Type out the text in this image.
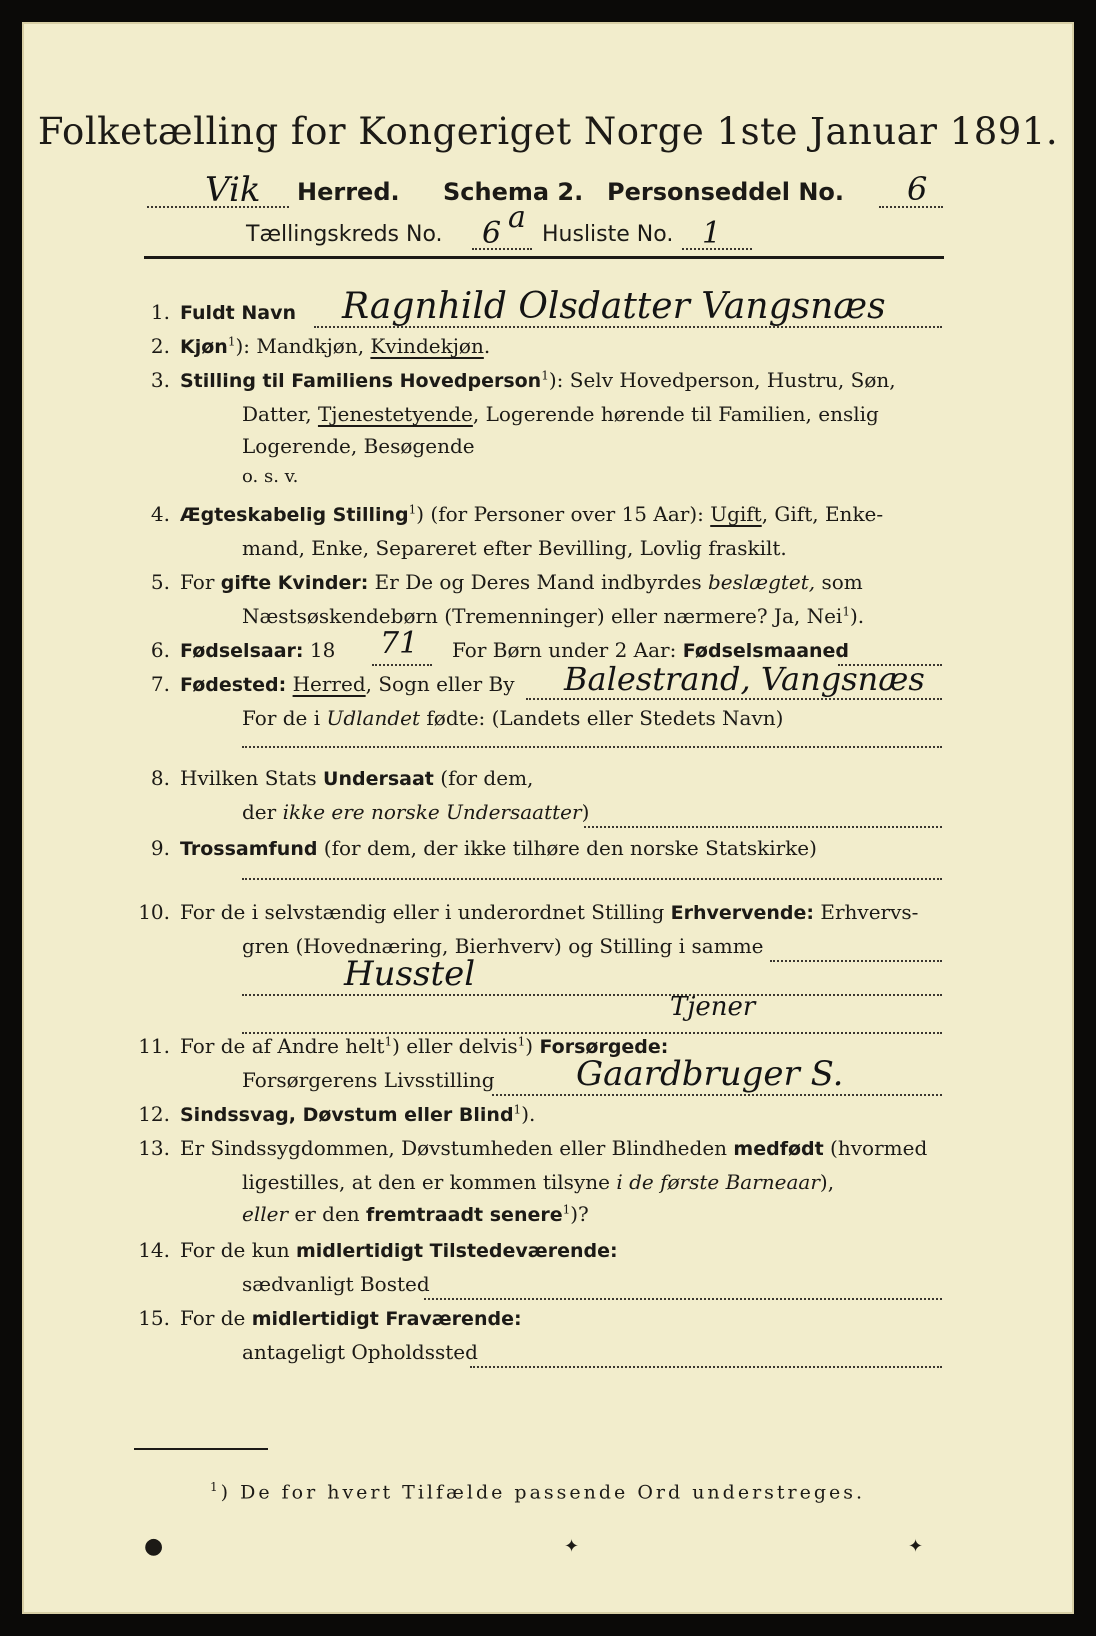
Folketælling for Kongeriget Norge 1ste Januar 1891.
Vik Herred. Schema 2. Personseddel No. 6
Tællingskreds No. 6 a Husliste No. 1
1. Fuldt Navn Ragnhild Olsdatter Vangsnæs
2. Kjøn$^1$): Mandkjøn, Kvindekjøn.
3. Stilling til Familiens Hovedperson$^1$): Selv Hovedperson, Hustru, Søn,
Datter, Tjenestetyende, Logerende hørende til Familien, enslig
Logerende, Besøgende
o. s. v.
4. Ægteskabelig Stilling$^1$) (for Personer over 15 Aar): Ugift, Gift, Enke-
mand, Enke, Separeret efter Bevilling, Lovlig fraskilt.
5. For gifte Kvinder: Er De og Deres Mand indbyrdes beslægtet, som
Næstsøskendebørn (Tremenninger) eller nærmere? Ja, Nei$^1$).
6. Fødselsaar: 18 71 For Børn under 2 Aar: Fødselsmaaned
7. Fødested: Herred, Sogn eller By Balestrand, Vangsnæs
For de i Udlandet fødte: (Landets eller Stedets Navn)
8. Hvilken Stats Undersaat (for dem,
der ikke ere norske Undersaatter)
9. Trossamfund (for dem, der ikke tilhøre den norske Statskirke)
10. For de i selvstændig eller i underordnet Stilling Erhvervende: Erhvervs-
gren (Hovednæring, Bierhverv) og Stilling i samme
Husstel
Tjener
11. For de af Andre helt$^1$) eller delvis$^1$) Forsørgede:
Forsørgerens Livsstilling Gaardbruger S.
12. Sindssvag, Døvstum eller Blind$^1$).
13. Er Sindssygdommen, Døvstumheden eller Blindheden medfødt (hvormed
ligestilles, at den er kommen tilsyne i de første Barneaar),
eller er den fremtraadt senere$^1$)?
14. For de kun midlertidigt Tilstedeværende:
sædvanligt Bosted
15. For de midlertidigt Fraværende:
antageligt Opholdssted
$^1$) De for hvert Tilfælde passende Ord understreges.
●	✦	✦
